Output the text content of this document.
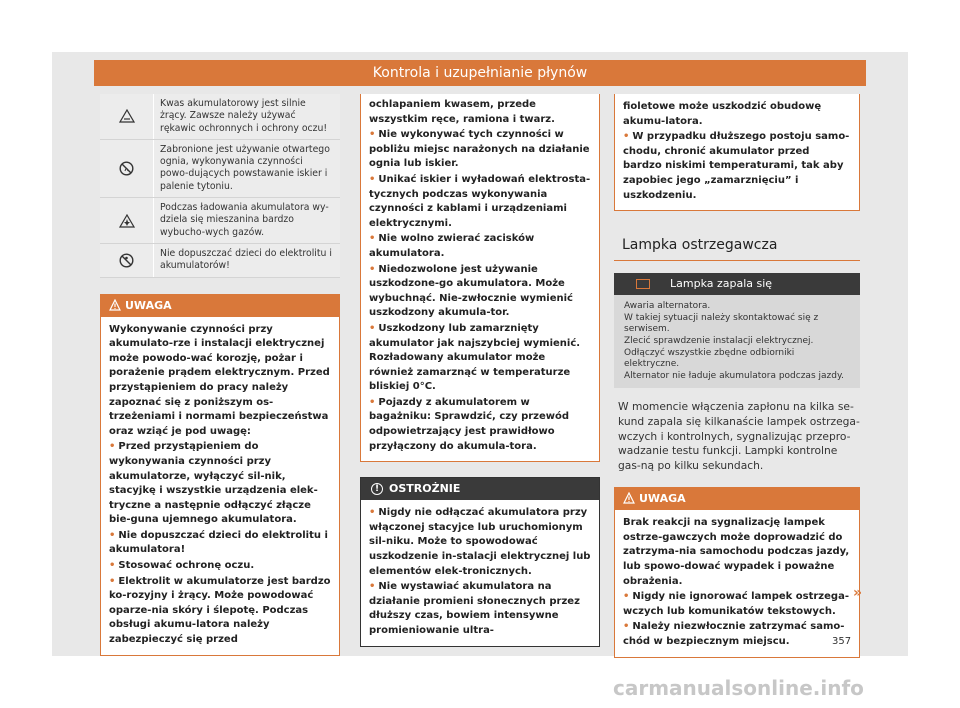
Kontrola i uzupełnianie płynów
Kwas akumulatorowy jest silnie żrący. Zawsze należy używać rękawic ochronnych i ochrony oczu!
Zabronione jest używanie otwartego ognia, wykonywania czynności powo-dujących powstawanie iskier i palenie tytoniu.
Podczas ładowania akumulatora wy-dziela się mieszanina bardzo wybucho-wych gazów.
Nie dopuszczać dzieci do elektrolitu i akumulatorów!
UWAGA

Wykonywanie czynności przy akumulato-rze i instalacji elektrycznej może powodo-wać korozję, pożar i porażenie prądem elektrycznym. Przed przystąpieniem do pracy należy zapoznać się z poniższym os-trzeżeniami i normami bezpieczeństwa oraz wziąć je pod uwagę:

• Przed przystąpieniem do wykonywania czynności przy akumulatorze, wyłączyć sil-nik, stacyjkę i wszystkie urządzenia elek-tryczne a następnie odłączyć złącze bie-guna ujemnego akumulatora.

• Nie dopuszczać dzieci do elektrolitu i akumulatora!

• Stosować ochronę oczu.

• Elektrolit w akumulatorze jest bardzo ko-rozyjny i żrący. Może powodować oparze-nia skóry i ślepotę. Podczas obsługi akumu-latora należy zabezpieczyć się przed

ochlapaniem kwasem, przede wszystkim ręce, ramiona i twarz.

• Nie wykonywać tych czynności w pobliżu miejsc narażonych na działanie ognia lub iskier.

• Unikać iskier i wyładowań elektrosta-tycznych podczas wykonywania czynności z kablami i urządzeniami elektrycznymi.

• Nie wolno zwierać zacisków akumulatora.

• Niedozwolone jest używanie uszkodzone-go akumulatora. Może wybuchnąć. Nie-zwłocznie wymienić uszkodzony akumula-tor.

• Uszkodzony lub zamarznięty akumulator jak najszybciej wymienić. Rozładowany akumulator może również zamarznąć w temperaturze bliskiej 0°C.

• Pojazdy z akumulatorem w bagażniku: Sprawdzić, czy przewód odpowietrzający jest prawidłowo przyłączony do akumula-tora.

! OSTROŻNIE

• Nigdy nie odłączać akumulatora przy włączonej stacyjce lub uruchomionym sil-niku. Może to spowodować uszkodzenie in-stalacji elektrycznej lub elementów elek-tronicznych.

• Nie wystawiać akumulatora na działanie promieni słonecznych przez dłuższy czas, bowiem intensywne promieniowanie ultra-

fioletowe może uszkodzić obudowę akumu-latora.

• W przypadku dłuższego postoju samo-chodu, chronić akumulator przed bardzo niskimi temperaturami, tak aby zapobiec jego „zamarznięciu” i uszkodzeniu.

Lampka ostrzegawcza
Lampka zapala się
Awaria alternatora.
W takiej sytuacji należy skontaktować się z serwisem.
Zlecić sprawdzenie instalacji elektrycznej.
Odłączyć wszystkie zbędne odbiorniki elektryczne.
Alternator nie ładuje akumulatora podczas jazdy.

W momencie włączenia zapłonu na kilka se-kund zapala się kilkanaście lampek ostrzega-wczych i kontrolnych, sygnalizując przepro-wadzanie testu funkcji. Lampki kontrolne gas-ną po kilku sekundach.

UWAGA

Brak reakcji na sygnalizację lampek ostrze-gawczych może doprowadzić do zatrzyma-nia samochodu podczas jazdy, lub spowo-dować wypadek i poważne obrażenia.

• Nigdy nie ignorować lampek ostrzega-wczych lub komunikatów tekstowych.

• Należy niezwłocznie zatrzymać samo-chód w bezpiecznym miejscu.

»
357
carmanualsonline.info
